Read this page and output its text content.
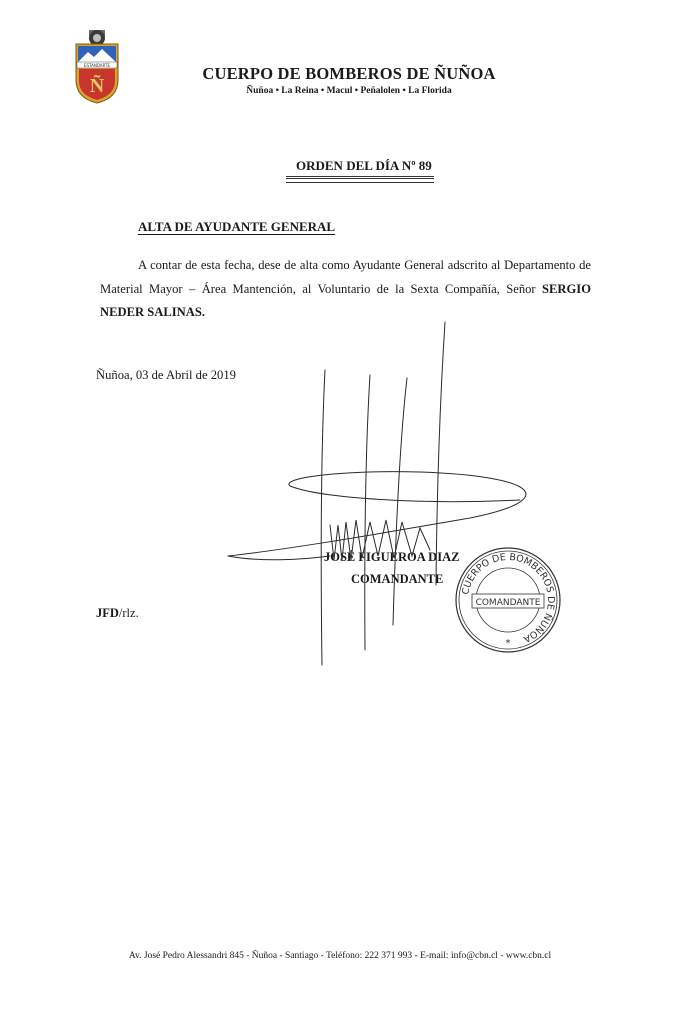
ESTANDARTE
Ñ
CUERPO DE BOMBEROS DE ÑUÑOA
Ñuñoa • La Reina • Macul • Peñalolen • La Florida
ORDEN DEL DÍA Nº 89
ALTA DE AYUDANTE GENERAL

A contar de esta fecha, dese de alta como Ayudante General adscrito al Departamento de Material Mayor – Área Mantención, al Voluntario de la Sexta Compañía, Señor SERGIO NEDER SALINAS.

Ñuñoa, 03 de Abril de 2019
JOSÉ FIGUEROA DIAZ
COMANDANTE
JFD/rlz.
CUERPO DE BOMBEROS DE ÑUÑOA
COMANDANTE
*
Av. José Pedro Alessandri 845 - Ñuñoa - Santiago - Teléfono: 222 371 993 - E-mail: info@cbn.cl - www.cbn.cl
